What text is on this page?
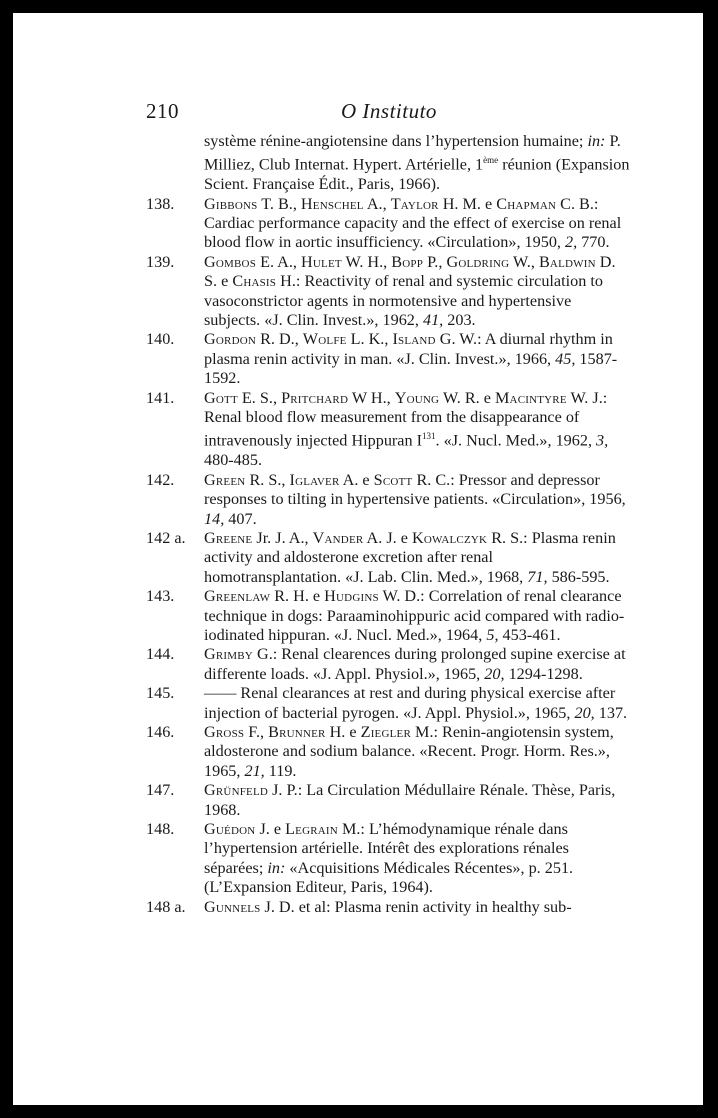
210	O Instituto

système rénine-angiotensine dans l’hypertension humaine; in: P. Milliez, Club Internat. Hypert. Artérielle, 1ème réunion (Expansion Scient. Française Édit., Paris, 1966).

138. Gibbons T. B., Henschel A., Taylor H. M. e Chapman C. B.: Cardiac performance capacity and the effect of exercise on renal blood flow in aortic insufficiency. «Circulation», 1950, 2, 770.

139. Gombos E. A., Hulet W. H., Bopp P., Goldring W., Baldwin D. S. e Chasis H.: Reactivity of renal and systemic circulation to vasoconstrictor agents in normotensive and hypertensive subjects. «J. Clin. Invest.», 1962, 41, 203.

140. Gordon R. D., Wolfe L. K., Island G. W.: A diurnal rhythm in plasma renin activity in man. «J. Clin. Invest.», 1966, 45, 1587-1592.

141. Gott E. S., Pritchard W H., Young W. R. e Macintyre W. J.: Renal blood flow measurement from the disappearance of intravenously injected Hippuran $I^{131}$. «J. Nucl. Med.», 1962, 3, 480-485.

142. Green R. S., Iglaver A. e Scott R. C.: Pressor and depressor responses to tilting in hypertensive patients. «Circulation», 1956, 14, 407.

142 a. Greene Jr. J. A., Vander A. J. e Kowalczyk R. S.: Plasma renin activity and aldosterone excretion after renal homotransplantation. «J. Lab. Clin. Med.», 1968, 71, 586-595.

143. Greenlaw R. H. e Hudgins W. D.: Correlation of renal clearance technique in dogs: Paraaminohippuric acid compared with radio-iodinated hippuran. «J. Nucl. Med.», 1964, 5, 453-461.

144. Grimby G.: Renal clearences during prolonged supine exercise at differente loads. «J. Appl. Physiol.», 1965, 20, 1294-1298.

145. —— Renal clearances at rest and during physical exercise after injection of bacterial pyrogen. «J. Appl. Physiol.», 1965, 20, 137.

146. Gross F., Brunner H. e Ziegler M.: Renin-angiotensin system, aldosterone and sodium balance. «Recent. Progr. Horm. Res.», 1965, 21, 119.

147. Grünfeld J. P.: La Circulation Médullaire Rénale. Thèse, Paris, 1968.

148. Guédon J. e Legrain M.: L’hémodynamique rénale dans l’hypertension artérielle. Intérêt des explorations rénales séparées; in: «Acquisitions Médicales Récentes», p. 251. (L’Expansion Editeur, Paris, 1964).

148 a. Gunnels J. D. et al: Plasma renin activity in healthy sub-
